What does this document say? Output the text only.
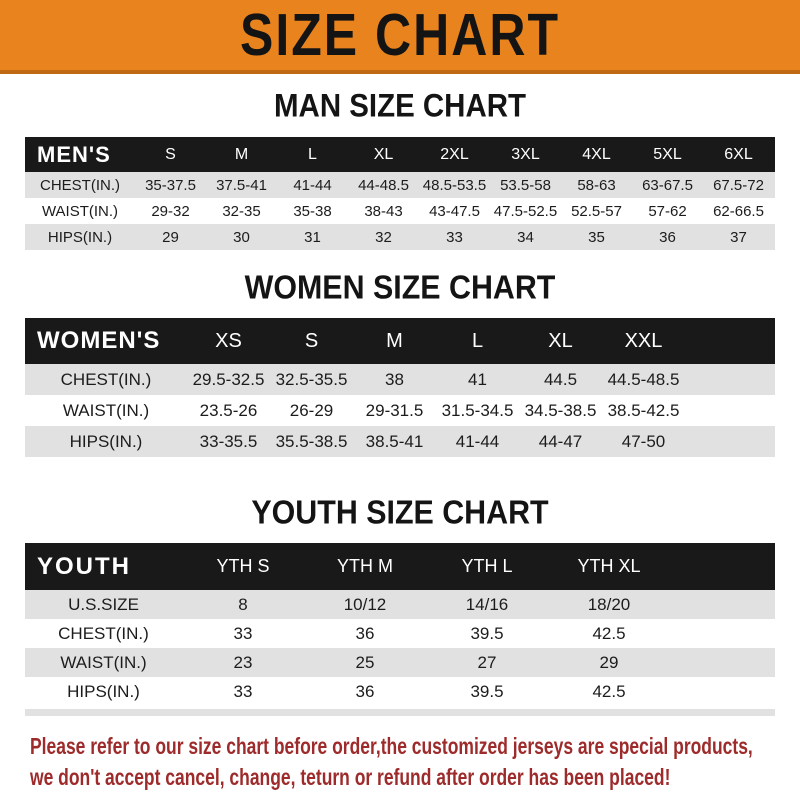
SIZE CHART
MAN SIZE CHART
MEN'S	S	M	L	XL	2XL	3XL	4XL	5XL	6XL
CHEST(IN.)	35-37.5	37.5-41	41-44	44-48.5 48.5-53.5 53.5-58	58-63	63-67.5	67.5-72
WAIST(IN.)	29-32	32-35	35-38	38-43	43-47.5 47.5-52.5 52.5-57	57-62	62-66.5
HIPS(IN.)	29	30	31	32	33	34	35	36	37
WOMEN SIZE CHART
WOMEN'S	XS	S	M	L	XL	XXL
CHEST(IN.)	29.5-32.5 32.5-35.5	38	41	44.5	44.5-48.5
WAIST(IN.)	23.5-26	26-29	29-31.5	31.5-34.5 34.5-38.5 38.5-42.5
HIPS(IN.)	33-35.5	35.5-38.5	38.5-41	41-44	44-47	47-50
YOUTH SIZE CHART
YOUTH	YTH S	YTH M	YTH L	YTH XL
U.S.SIZE	8	10/12	14/16	18/20
CHEST(IN.)	33	36	39.5	42.5
WAIST(IN.)	23	25	27	29
HIPS(IN.)	33	36	39.5	42.5

Please refer to our size chart before order,the customized jerseys are special products,

we don't accept cancel, change, teturn or refund after order has been placed!
